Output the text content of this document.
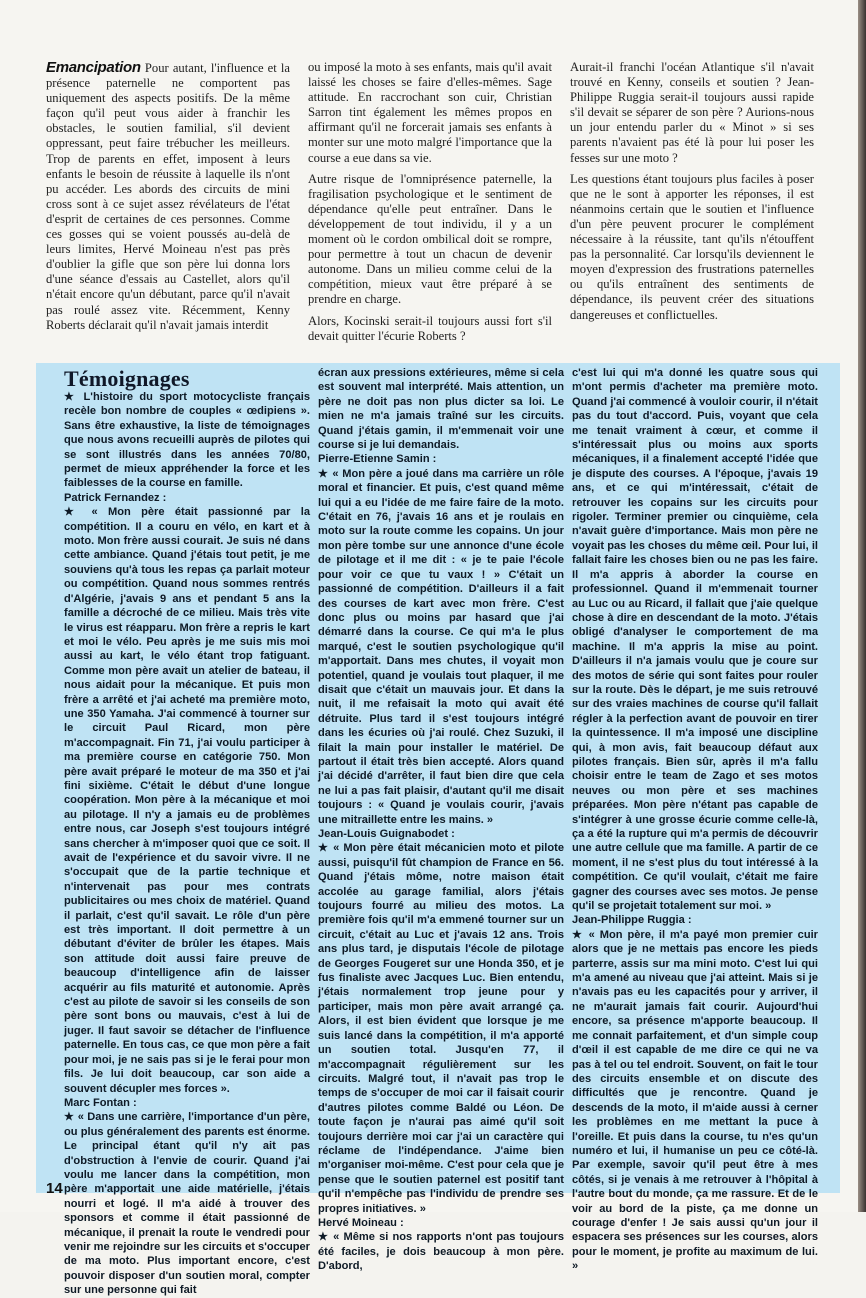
Emancipation Pour autant, l'influence et la présence paternelle ne comportent pas uniquement des aspects positifs. De la même façon qu'il peut vous aider à franchir les obstacles, le soutien familial, s'il devient oppressant, peut faire trébucher les meilleurs. Trop de parents en effet, imposent à leurs enfants le besoin de réussite à laquelle ils n'ont pu accéder. Les abords des circuits de mini cross sont à ce sujet assez révélateurs de l'état d'esprit de certaines de ces personnes. Comme ces gosses qui se voient poussés au-delà de leurs limites, Hervé Moineau n'est pas près d'oublier la gifle que son père lui donna lors d'une séance d'essais au Castellet, alors qu'il n'était encore qu'un débutant, parce qu'il n'avait pas roulé assez vite. Récemment, Kenny Roberts déclarait qu'il n'avait jamais interdit

ou imposé la moto à ses enfants, mais qu'il avait laissé les choses se faire d'elles-mêmes. Sage attitude. En raccrochant son cuir, Christian Sarron tint également les mêmes propos en affirmant qu'il ne forcerait jamais ses enfants à monter sur une moto malgré l'importance que la course a eue dans sa vie.

Autre risque de l'omniprésence paternelle, la fragilisation psychologique et le sentiment de dépendance qu'elle peut entraîner. Dans le développement de tout individu, il y a un moment où le cordon ombilical doit se rompre, pour permettre à tout un chacun de devenir autonome. Dans un milieu comme celui de la compétition, mieux vaut être préparé à se prendre en charge.

Alors, Kocinski serait-il toujours aussi fort s'il devait quitter l'écurie Roberts ?

Aurait-il franchi l'océan Atlantique s'il n'avait trouvé en Kenny, conseils et soutien ? Jean-Philippe Ruggia serait-il toujours aussi rapide s'il devait se séparer de son père ? Aurions-nous un jour entendu parler du « Minot » si ses parents n'avaient pas été là pour lui poser les fesses sur une moto ?

Les questions étant toujours plus faciles à poser que ne le sont à apporter les réponses, il est néanmoins certain que le soutien et l'influence d'un père peuvent procurer le complément nécessaire à la réussite, tant qu'ils n'étouffent pas la personnalité. Car lorsqu'ils deviennent le moyen d'expression des frustrations paternelles ou qu'ils entraînent des sentiments de dépendance, ils peuvent créer des situations dangereuses et conflictuelles.

Témoignages

★ L'histoire du sport motocycliste français recèle bon nombre de couples « œdipiens ». Sans être exhaustive, la liste de témoignages que nous avons recueilli auprès de pilotes qui se sont illustrés dans les années 70/80, permet de mieux appréhender la force et les faiblesses de la course en famille.

Patrick Fernandez :

★ « Mon père était passionné par la compétition. Il a couru en vélo, en kart et à moto. Mon frère aussi courait. Je suis né dans cette ambiance. Quand j'étais tout petit, je me souviens qu'à tous les repas ça parlait moteur ou compétition. Quand nous sommes rentrés d'Algérie, j'avais 9 ans et pendant 5 ans la famille a décroché de ce milieu. Mais très vite le virus est réapparu. Mon frère a repris le kart et moi le vélo. Peu après je me suis mis moi aussi au kart, le vélo étant trop fatiguant. Comme mon père avait un atelier de bateau, il nous aidait pour la mécanique. Et puis mon frère a arrêté et j'ai acheté ma première moto, une 350 Yamaha. J'ai commencé à tourner sur le circuit Paul Ricard, mon père m'accompagnait. Fin 71, j'ai voulu participer à ma première course en catégorie 750. Mon père avait préparé le moteur de ma 350 et j'ai fini sixième. C'était le début d'une longue coopération. Mon père à la mécanique et moi au pilotage. Il n'y a jamais eu de problèmes entre nous, car Joseph s'est toujours intégré sans chercher à m'imposer quoi que ce soit. Il avait de l'expérience et du savoir vivre. Il ne s'occupait que de la partie technique et n'intervenait pas pour mes contrats publicitaires ou mes choix de matériel. Quand il parlait, c'est qu'il savait. Le rôle d'un père est très important. Il doit permettre à un débutant d'éviter de brûler les étapes. Mais son attitude doit aussi faire preuve de beaucoup d'intelligence afin de laisser acquérir au fils maturité et autonomie. Après c'est au pilote de savoir si les conseils de son père sont bons ou mauvais, c'est à lui de juger. Il faut savoir se détacher de l'influence paternelle. En tous cas, ce que mon père a fait pour moi, je ne sais pas si je le ferai pour mon fils. Je lui doit beaucoup, car son aide a souvent décupler mes forces ».

Marc Fontan :

★ « Dans une carrière, l'importance d'un père, ou plus généralement des parents est énorme. Le principal étant qu'il n'y ait pas d'obstruction à l'envie de courir. Quand j'ai voulu me lancer dans la compétition, mon père m'apportait une aide matérielle, j'étais nourri et logé. Il m'a aidé à trouver des sponsors et comme il était passionné de mécanique, il prenait la route le vendredi pour venir me rejoindre sur les circuits et s'occuper de ma moto. Plus important encore, c'est pouvoir disposer d'un soutien moral, compter sur une personne qui fait

écran aux pressions extérieures, même si cela est souvent mal interprété. Mais attention, un père ne doit pas non plus dicter sa loi. Le mien ne m'a jamais traîné sur les circuits. Quand j'étais gamin, il m'emmenait voir une course si je lui demandais.

Pierre-Etienne Samin :

★ « Mon père a joué dans ma carrière un rôle moral et financier. Et puis, c'est quand même lui qui a eu l'idée de me faire faire de la moto. C'était en 76, j'avais 16 ans et je roulais en moto sur la route comme les copains. Un jour mon père tombe sur une annonce d'une école de pilotage et il me dit : « je te paie l'école pour voir ce que tu vaux ! » C'était un passionné de compétition. D'ailleurs il a fait des courses de kart avec mon frère. C'est donc plus ou moins par hasard que j'ai démarré dans la course. Ce qui m'a le plus marqué, c'est le soutien psychologique qu'il m'apportait. Dans mes chutes, il voyait mon potentiel, quand je voulais tout plaquer, il me disait que c'était un mauvais jour. Et dans la nuit, il me refaisait la moto qui avait été détruite. Plus tard il s'est toujours intégré dans les écuries où j'ai roulé. Chez Suzuki, il filait la main pour installer le matériel. De partout il était très bien accepté. Alors quand j'ai décidé d'arrêter, il faut bien dire que cela ne lui a pas fait plaisir, d'autant qu'il me disait toujours : « Quand je voulais courir, j'avais une mitraillette entre les mains. »

Jean-Louis Guignabodet :

★ « Mon père était mécanicien moto et pilote aussi, puisqu'il fût champion de France en 56. Quand j'étais môme, notre maison était accolée au garage familial, alors j'étais toujours fourré au milieu des motos. La première fois qu'il m'a emmené tourner sur un circuit, c'était au Luc et j'avais 12 ans. Trois ans plus tard, je disputais l'école de pilotage de Georges Fougeret sur une Honda 350, et je fus finaliste avec Jacques Luc. Bien entendu, j'étais normalement trop jeune pour y participer, mais mon père avait arrangé ça. Alors, il est bien évident que lorsque je me suis lancé dans la compétition, il m'a apporté un soutien total. Jusqu'en 77, il m'accompagnait régulièrement sur les circuits. Malgré tout, il n'avait pas trop le temps de s'occuper de moi car il faisait courir d'autres pilotes comme Baldé ou Léon. De toute façon je n'aurai pas aimé qu'il soit toujours derrière moi car j'ai un caractère qui réclame de l'indépendance. J'aime bien m'organiser moi-même. C'est pour cela que je pense que le soutien paternel est positif tant qu'il n'empêche pas l'individu de prendre ses propres initiatives. »

Hervé Moineau :

★ « Même si nos rapports n'ont pas toujours été faciles, je dois beaucoup à mon père. D'abord,

c'est lui qui m'a donné les quatre sous qui m'ont permis d'acheter ma première moto. Quand j'ai commencé à vouloir courir, il n'était pas du tout d'accord. Puis, voyant que cela me tenait vraiment à cœur, et comme il s'intéressait plus ou moins aux sports mécaniques, il a finalement accepté l'idée que je dispute des courses. A l'époque, j'avais 19 ans, et ce qui m'intéressait, c'était de retrouver les copains sur les circuits pour rigoler. Terminer premier ou cinquième, cela n'avait guère d'importance. Mais mon père ne voyait pas les choses du même œil. Pour lui, il fallait faire les choses bien ou ne pas les faire. Il m'a appris à aborder la course en professionnel. Quand il m'emmenait tourner au Luc ou au Ricard, il fallait que j'aie quelque chose à dire en descendant de la moto. J'étais obligé d'analyser le comportement de ma machine. Il m'a appris la mise au point. D'ailleurs il n'a jamais voulu que je coure sur des motos de série qui sont faites pour rouler sur la route. Dès le départ, je me suis retrouvé sur des vraies machines de course qu'il fallait régler à la perfection avant de pouvoir en tirer la quintessence. Il m'a imposé une discipline qui, à mon avis, fait beaucoup défaut aux pilotes français. Bien sûr, après il m'a fallu choisir entre le team de Zago et ses motos neuves ou mon père et ses machines préparées. Mon père n'étant pas capable de s'intégrer à une grosse écurie comme celle-là, ça a été la rupture qui m'a permis de découvrir une autre cellule que ma famille. A partir de ce moment, il ne s'est plus du tout intéressé à la compétition. Ce qu'il voulait, c'était me faire gagner des courses avec ses motos. Je pense qu'il se projetait totalement sur moi. »

Jean-Philippe Ruggia :

★ « Mon père, il m'a payé mon premier cuir alors que je ne mettais pas encore les pieds parterre, assis sur ma mini moto. C'est lui qui m'a amené au niveau que j'ai atteint. Mais si je n'avais pas eu les capacités pour y arriver, il ne m'aurait jamais fait courir. Aujourd'hui encore, sa présence m'apporte beaucoup. Il me connait parfaitement, et d'un simple coup d'œil il est capable de me dire ce qui ne va pas à tel ou tel endroit. Souvent, on fait le tour des circuits ensemble et on discute des difficultés que je rencontre. Quand je descends de la moto, il m'aide aussi à cerner les problèmes en me mettant la puce à l'oreille. Et puis dans la course, tu n'es qu'un numéro et lui, il humanise un peu ce côté-là. Par exemple, savoir qu'il peut être à mes côtés, si je venais à me retrouver à l'hôpital à l'autre bout du monde, ça me rassure. Et de le voir au bord de la piste, ça me donne un courage d'enfer ! Je sais aussi qu'un jour il espacera ses présences sur les courses, alors pour le moment, je profite au maximum de lui. »

14
